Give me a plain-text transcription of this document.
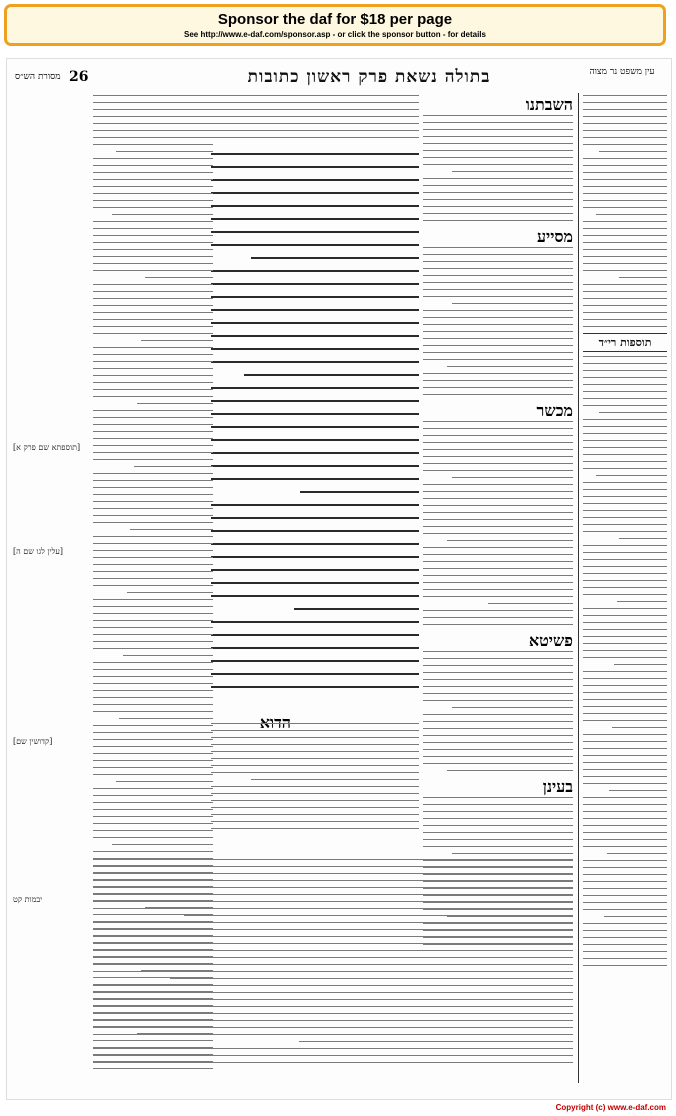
Sponsor the daf for $18 per page
See http://www.e-daf.com/sponsor.asp - or click the sponsor button - for details
עין משפט נר מצוה
בתולה נשאת פרק ראשון כתובות
26
מסורת הש״ס
תוספות רי״ד
השבתנו
מסייע
מכשר
פשיטא
בעינן
הדוא
[תוספתא שם פרק א]
[עלין לגו שם ה]
[קדושין שם]
יבמות קט
Copyright (c) www.e-daf.com
